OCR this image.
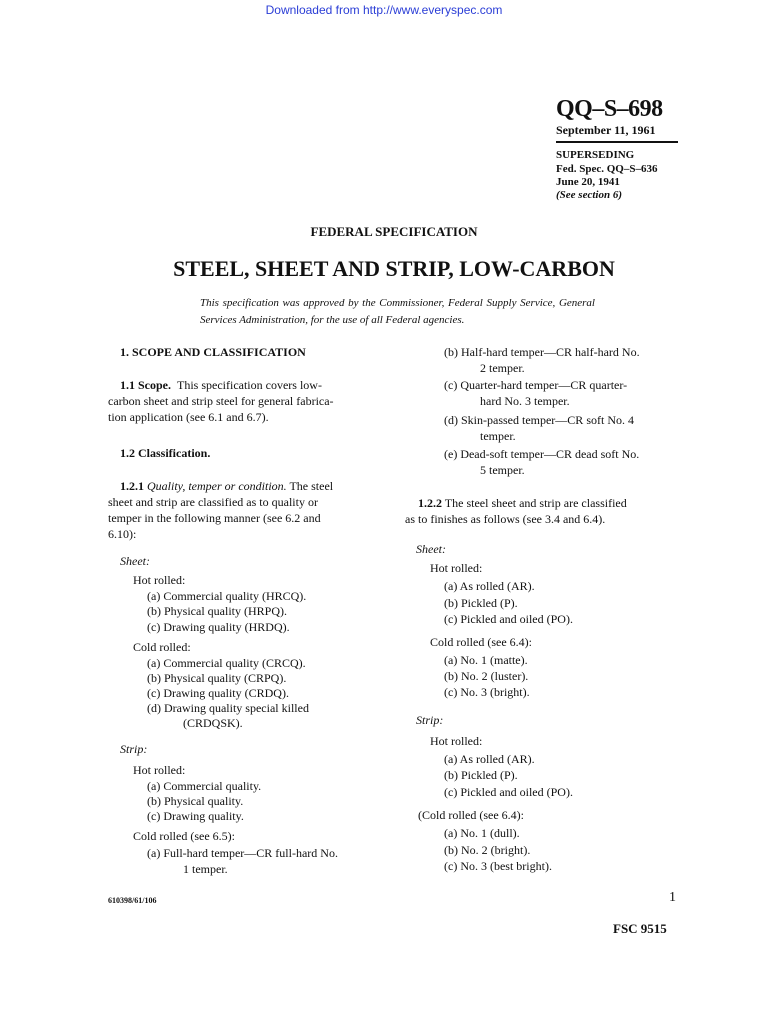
Downloaded from http://www.everyspec.com
QQ–S–698
September 11, 1961
SUPERSEDING
Fed. Spec. QQ–S–636
June 20, 1941
(See section 6)
FEDERAL SPECIFICATION
STEEL, SHEET AND STRIP, LOW-CARBON
This specification was approved by the Commissioner, Federal Supply Service, General Services Administration, for the use of all Federal agencies.
1. SCOPE AND CLASSIFICATION
1.1 Scope. This specification covers low-
carbon sheet and strip steel for general fabrica-
tion application (see 6.1 and 6.7).
1.2 Classification.
1.2.1 Quality, temper or condition. The steel
sheet and strip are classified as to quality or
temper in the following manner (see 6.2 and
6.10):
Sheet:
Hot rolled:
(a) Commercial quality (HRCQ).
(b) Physical quality (HRPQ).
(c) Drawing quality (HRDQ).
Cold rolled:
(a) Commercial quality (CRCQ).
(b) Physical quality (CRPQ).
(c) Drawing quality (CRDQ).
(d) Drawing quality special killed
(CRDQSK).
Strip:
Hot rolled:
(a) Commercial quality.
(b) Physical quality.
(c) Drawing quality.
Cold rolled (see 6.5):
(a) Full-hard temper—CR full-hard No.
1 temper.
(b) Half-hard temper—CR half-hard No.
2 temper.
(c) Quarter-hard temper—CR quarter-
hard No. 3 temper.
(d) Skin-passed temper—CR soft No. 4
temper.
(e) Dead-soft temper—CR dead soft No.
5 temper.
1.2.2 The steel sheet and strip are classified
as to finishes as follows (see 3.4 and 6.4).
Sheet:
Hot rolled:
(a) As rolled (AR).
(b) Pickled (P).
(c) Pickled and oiled (PO).
Cold rolled (see 6.4):
(a) No. 1 (matte).
(b) No. 2 (luster).
(c) No. 3 (bright).
Strip:
Hot rolled:
(a) As rolled (AR).
(b) Pickled (P).
(c) Pickled and oiled (PO).
(Cold rolled (see 6.4):
(a) No. 1 (dull).
(b) No. 2 (bright).
(c) No. 3 (best bright).
610398/61/106	1
FSC 9515
